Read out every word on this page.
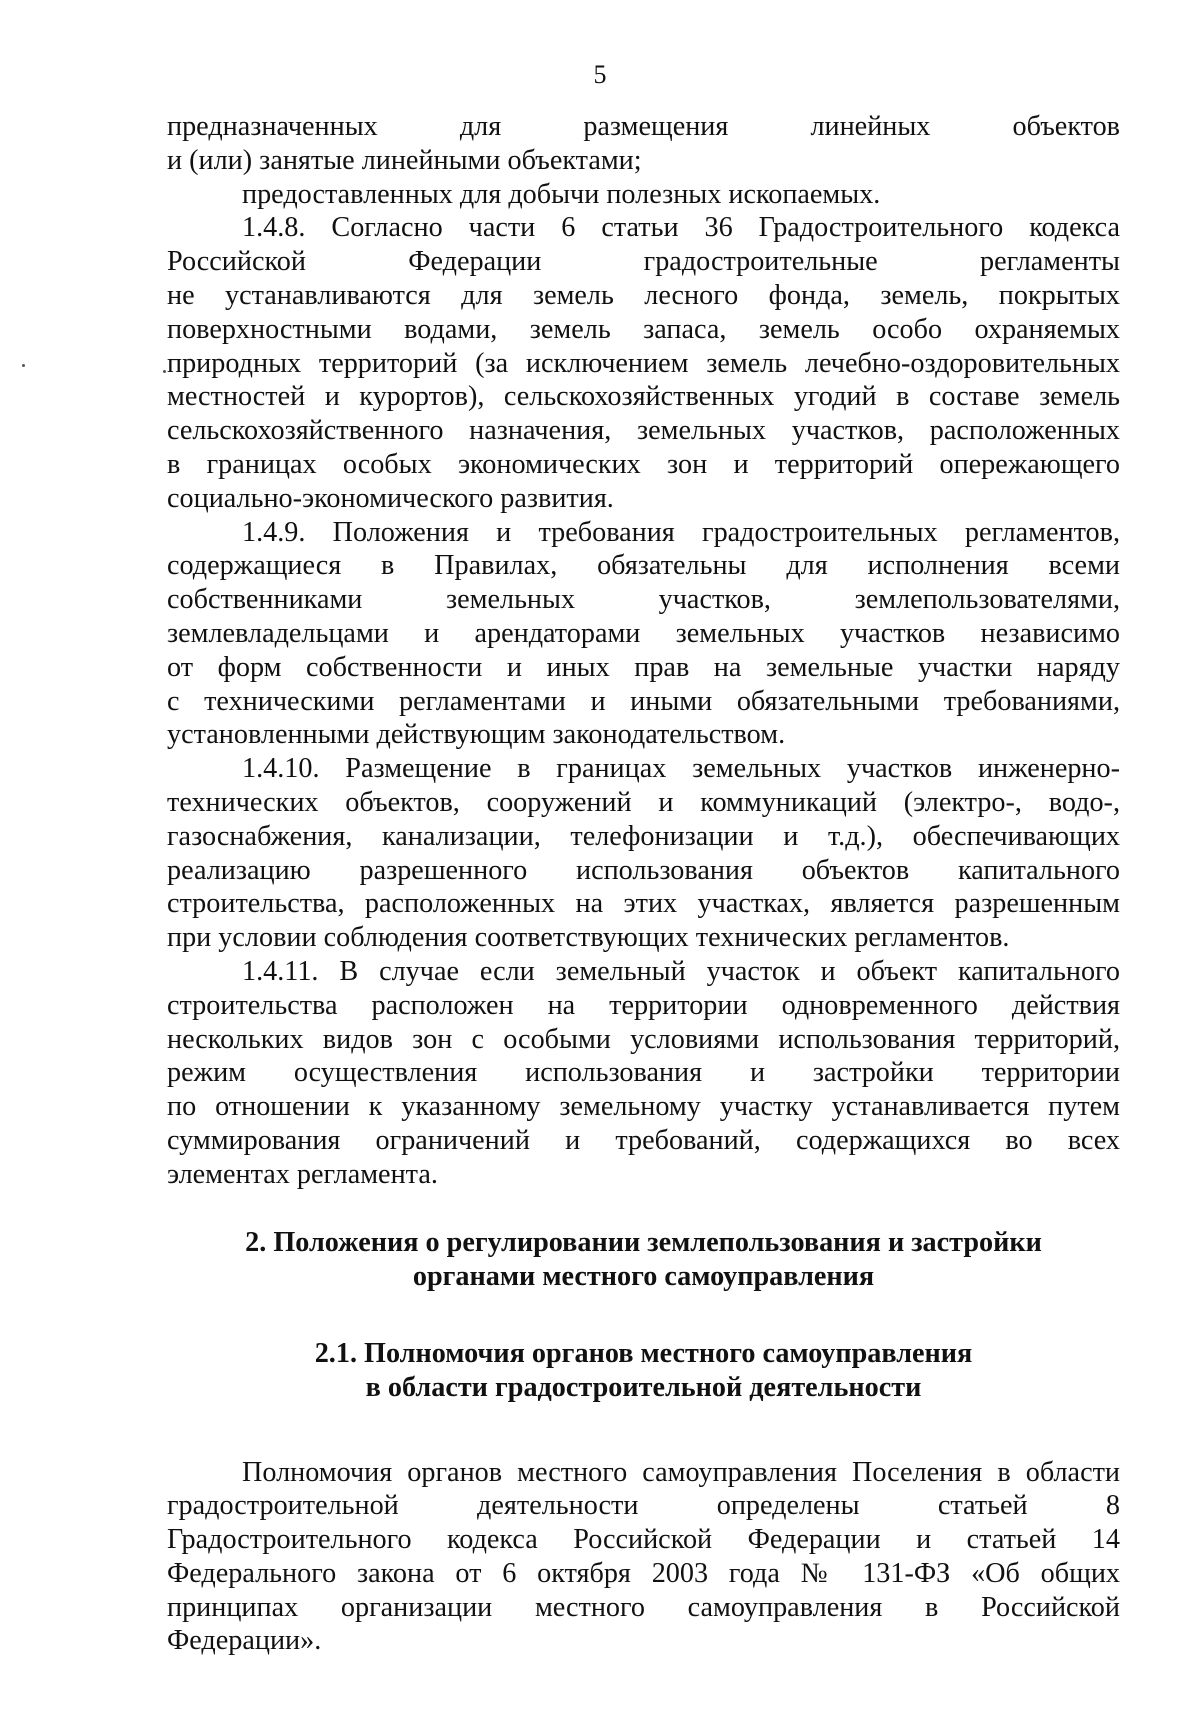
5
предназначенных для размещения линейных объектов
и (или) занятые линейными объектами;
предоставленных для добычи полезных ископаемых.
1.4.8. Согласно части 6 статьи 36 Градостроительного кодекса
Российской Федерации градостроительные регламенты
не устанавливаются для земель лесного фонда, земель, покрытых
поверхностными водами, земель запаса, земель особо охраняемых
природных территорий (за исключением земель лечебно-оздоровительных
местностей и курортов), сельскохозяйственных угодий в составе земель
сельскохозяйственного назначения, земельных участков, расположенных
в границах особых экономических зон и территорий опережающего
социально-экономического развития.
1.4.9. Положения и требования градостроительных регламентов,
содержащиеся в Правилах, обязательны для исполнения всеми
собственниками земельных участков, землепользователями,
землевладельцами и арендаторами земельных участков независимо
от форм собственности и иных прав на земельные участки наряду
с техническими регламентами и иными обязательными требованиями,
установленными действующим законодательством.
1.4.10. Размещение в границах земельных участков инженерно-
технических объектов, сооружений и коммуникаций (электро-, водо-,
газоснабжения, канализации, телефонизации и т.д.), обеспечивающих
реализацию разрешенного использования объектов капитального
строительства, расположенных на этих участках, является разрешенным
при условии соблюдения соответствующих технических регламентов.
1.4.11. В случае если земельный участок и объект капитального
строительства расположен на территории одновременного действия
нескольких видов зон с особыми условиями использования территорий,
режим осуществления использования и застройки территории
по отношении к указанному земельному участку устанавливается путем
суммирования ограничений и требований, содержащихся во всех
элементах регламента.
2. Положения о регулировании землепользования и застройки
органами местного самоуправления
2.1. Полномочия органов местного самоуправления
в области градостроительной деятельности
Полномочия органов местного самоуправления Поселения в области
градостроительной деятельности определены статьей 8
Градостроительного кодекса Российской Федерации и статьей 14
Федерального закона от 6 октября 2003 года № 131-ФЗ «Об общих
принципах организации местного самоуправления в Российской
Федерации».
